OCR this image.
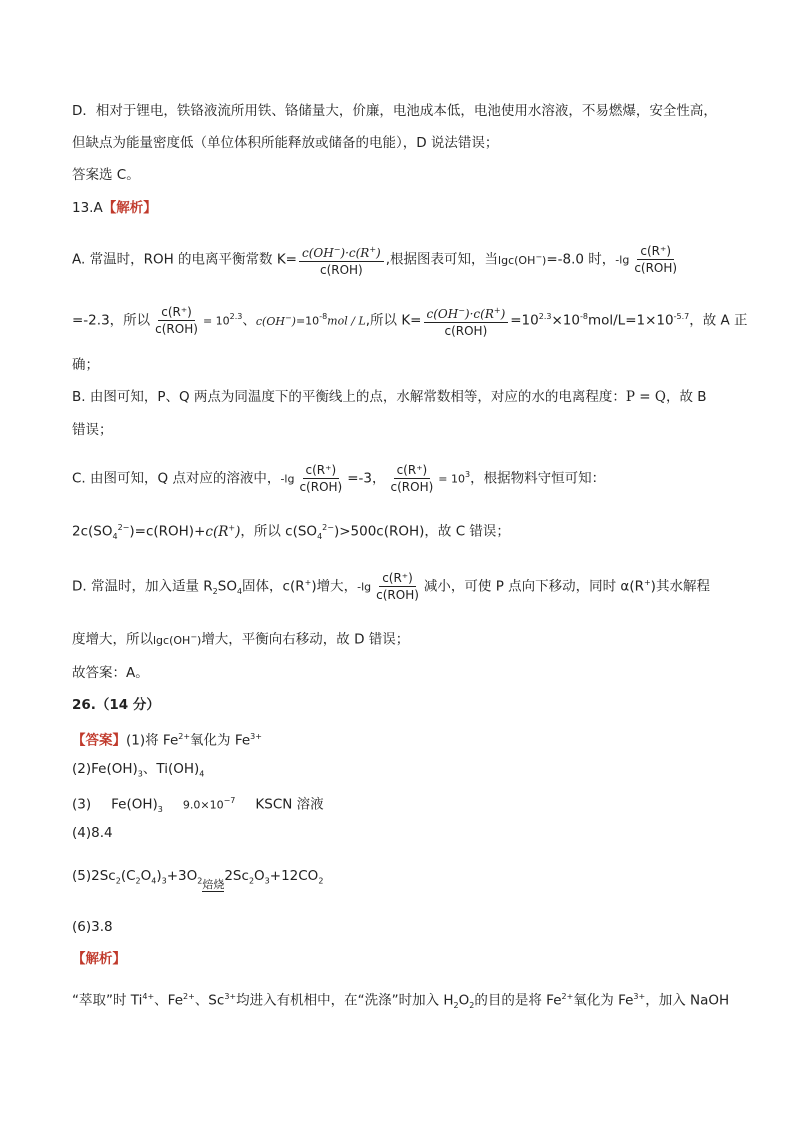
D．相对于锂电，铁铬液流所用铁、铬储量大，价廉，电池成本低，电池使用水溶液，不易燃爆，安全性高，
但缺点为能量密度低（单位体积所能释放或储备的电能），D 说法错误；
答案选 C。
13.A【解析】
A. 常温时，ROH 的电离平衡常数 $K= \frac{c(OH^-)\cdot c(R^+)}{\text{c(ROH)}}$ ,根据图表可知，当lgc(OH−)=-8.0 时，$-\lg \frac{c(R^+)}{\text{c(ROH)}}$
=-2.3，所以 $\frac{c(R^+)}{\text{c(ROH)}} = 10^{2.3}$、$c(OH^-)=10^{-8}mol / L$,所以 $K= \frac{c(OH^-)\cdot c(R^+)}{\text{c(ROH)}} =10^{2.3}\times 10^{-8}mol/L=1\times 10^{-5.7}$，故 A 正
确；
B. 由图可知，P、Q 两点为同温度下的平衡线上的点，水解常数相等，对应的水的电离程度：P = Q，故 B
错误；
C. 由图可知，Q 点对应的溶液中，$-\lg \frac{c(R^+)}{\text{c(ROH)}} =-3$， $\frac{c(R^+)}{\text{c(ROH)}} = 10^3$，根据物料守恒可知：
$2c(SO_4^{2-})=c(ROH)+c(R^+)$，所以 $c(SO_4^{2-})>500c(ROH)$，故 C 错误；
D. 常温时，加入适量 $R_2SO_4$固体，c(R+)增大，$-\lg \frac{c(R^+)}{\text{c(ROH)}}$ 减小，可使 P 点向下移动，同时 α(R+)其水解程
度增大，所以lgc(OH−)增大，平衡向右移动，故 D 错误；
故答案：A。
26.（14 分）
【答案】(1)将 $Fe^{2+}$氧化为 $Fe^{3+}$
$(2)Fe(OH)_3$、$Ti(OH)_4$
(3) $Fe(OH)_3$ $9.0\times 10^{-7}$ KSCN 溶液
(4)8.4
$(5)2Sc_2(C_2O_4)_3+3O_2$ 焙烧
$2Sc_2O_3+12CO_2$
(6)3.8
【解析】
“萃取”时 $Ti^{4+}$、$Fe^{2+}$、$Sc^{3+}$均进入有机相中，在“洗涤”时加入 $H_2O_2$的目的是将 $Fe^{2+}$氧化为 $Fe^{3+}$，加入 NaOH
